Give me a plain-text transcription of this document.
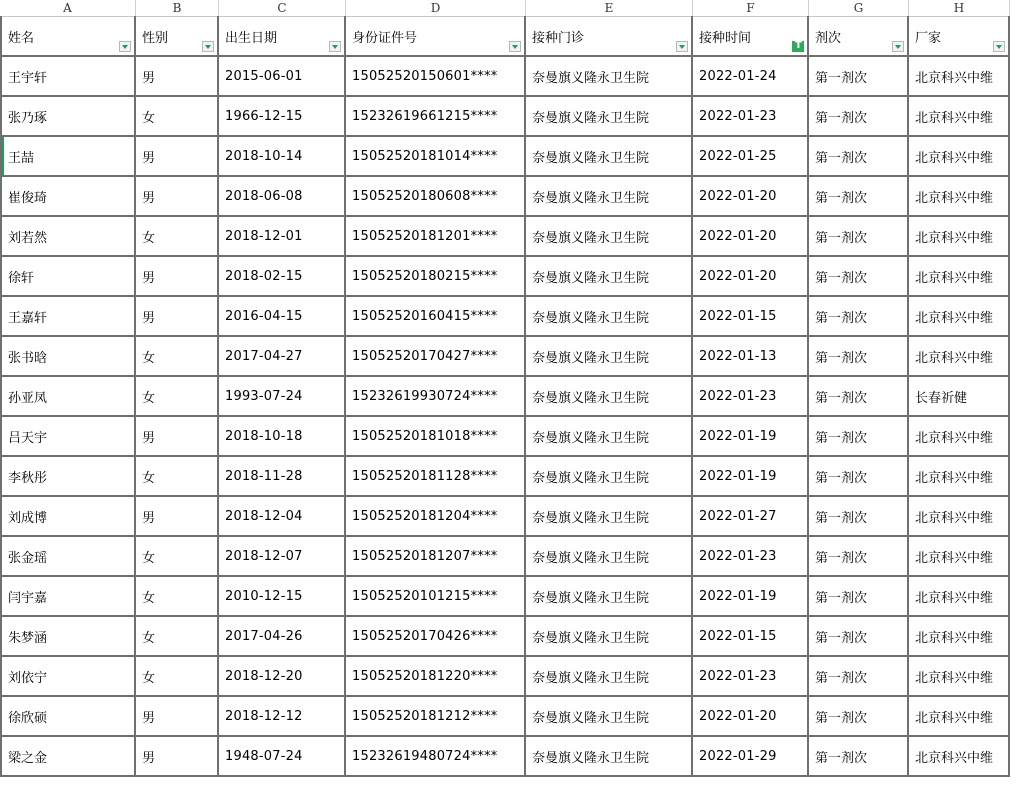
A	B	C	D	E	F	G	H
姓名	性别	出生日期	身份证件号	接种门诊	接种时间	T 剂次	厂家
王宇轩	男	2015-06-01	15052520150601****	奈曼旗义隆永卫生院	2022-01-24	第一剂次	北京科兴中维
张乃琢	女	1966-12-15	15232619661215****	奈曼旗义隆永卫生院	2022-01-23	第一剂次	北京科兴中维
王喆	男	2018-10-14	15052520181014****	奈曼旗义隆永卫生院	2022-01-25	第一剂次	北京科兴中维
崔俊琦	男	2018-06-08	15052520180608****	奈曼旗义隆永卫生院	2022-01-20	第一剂次	北京科兴中维
刘若然	女	2018-12-01	15052520181201****	奈曼旗义隆永卫生院	2022-01-20	第一剂次	北京科兴中维
徐轩	男	2018-02-15	15052520180215****	奈曼旗义隆永卫生院	2022-01-20	第一剂次	北京科兴中维
王嘉轩	男	2016-04-15	15052520160415****	奈曼旗义隆永卫生院	2022-01-15	第一剂次	北京科兴中维
张书晗	女	2017-04-27	15052520170427****	奈曼旗义隆永卫生院	2022-01-13	第一剂次	北京科兴中维
孙亚凤	女	1993-07-24	15232619930724****	奈曼旗义隆永卫生院	2022-01-23	第一剂次	长春祈健
吕天宇	男	2018-10-18	15052520181018****	奈曼旗义隆永卫生院	2022-01-19	第一剂次	北京科兴中维
李秋彤	女	2018-11-28	15052520181128****	奈曼旗义隆永卫生院	2022-01-19	第一剂次	北京科兴中维
刘成博	男	2018-12-04	15052520181204****	奈曼旗义隆永卫生院	2022-01-27	第一剂次	北京科兴中维
张金瑶	女	2018-12-07	15052520181207****	奈曼旗义隆永卫生院	2022-01-23	第一剂次	北京科兴中维
闫宇嘉	女	2010-12-15	15052520101215****	奈曼旗义隆永卫生院	2022-01-19	第一剂次	北京科兴中维
朱梦涵	女	2017-04-26	15052520170426****	奈曼旗义隆永卫生院	2022-01-15	第一剂次	北京科兴中维
刘依宁	女	2018-12-20	15052520181220****	奈曼旗义隆永卫生院	2022-01-23	第一剂次	北京科兴中维
徐欣硕	男	2018-12-12	15052520181212****	奈曼旗义隆永卫生院	2022-01-20	第一剂次	北京科兴中维
梁之金	男	1948-07-24	15232619480724****	奈曼旗义隆永卫生院	2022-01-29	第一剂次	北京科兴中维
